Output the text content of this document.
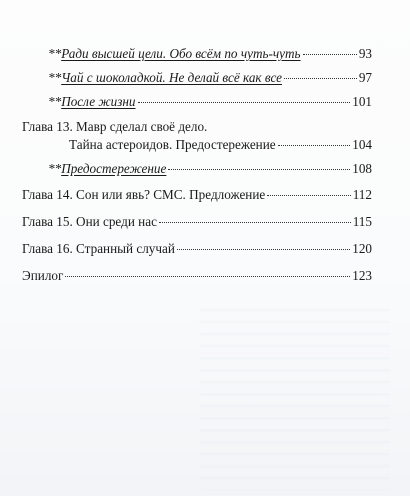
**Ради высшей цели. Обо всём по чуть-чуть	93
**Чай с шоколадкой. Не делай всё как все	97
**После жизни	101
Глава 13. Мавр сделал своё дело.
Тайна астероидов. Предостережение	104
**Предостережение	108
Глава 14. Сон или явь? СМС. Предложение	112
Глава 15. Они среди нас	115
Глава 16. Странный случай	120
Эпилог	123
